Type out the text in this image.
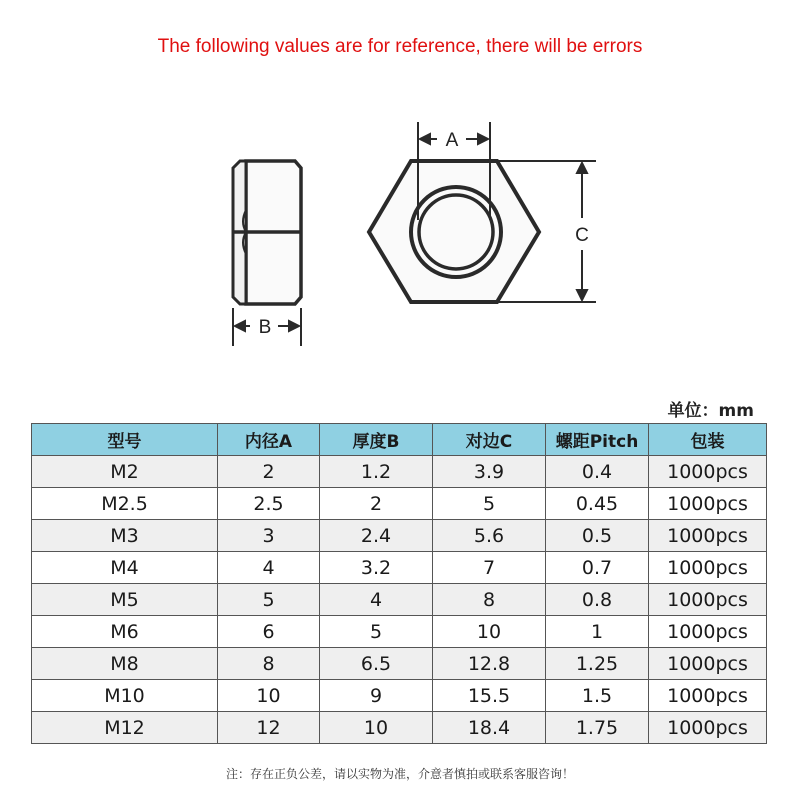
The following values are for reference, there will be errors
A
B
C
单位：mm
型号	内径A	厚度B	对边C	螺距Pitch	包装
M2	2	1.2	3.9	0.4	1000pcs
M2.5	2.5	2	5	0.45	1000pcs
M3	3	2.4	5.6	0.5	1000pcs
M4	4	3.2	7	0.7	1000pcs
M5	5	4	8	0.8	1000pcs
M6	6	5	10	1	1000pcs
M8	8	6.5	12.8	1.25	1000pcs
M10	10	9	15.5	1.5	1000pcs
M12	12	10	18.4	1.75	1000pcs
注：存在正负公差，请以实物为准，介意者慎拍或联系客服咨询！
